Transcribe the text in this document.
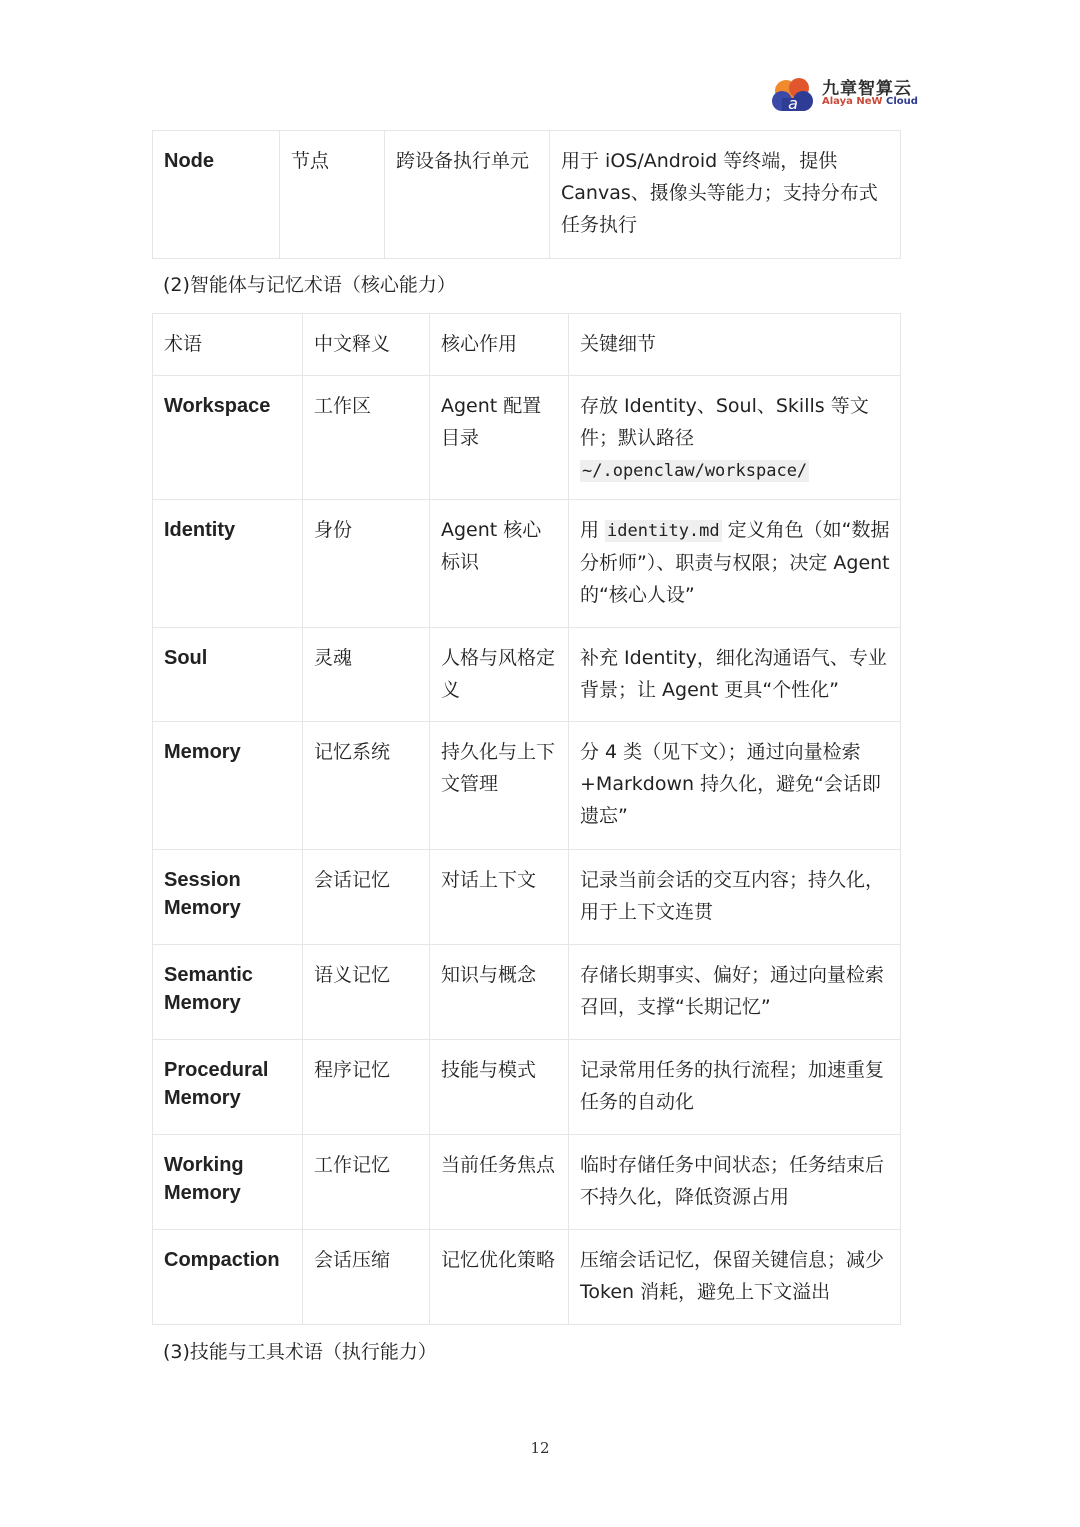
a
九章智算云
Alaya NeW Cloud
Node	节点	跨设备执行单元	用于 iOS/Android 等终端，提供 Canvas、摄像头等能力；支持分布式任务执行
(2)智能体与记忆术语（核心能力）
术语	中文释义	核心作用	关键细节
Workspace	工作区	Agent 配置目录	存放 Identity、Soul、Skills 等文件；默认路径
~/.openclaw/workspace/
Identity	身份	Agent 核心标识	用 identity.md 定义角色（如“数据分析师”）、职责与权限；决定 Agent 的“核心人设”
Soul	灵魂	人格与风格定义	补充 Identity，细化沟通语气、专业背景；让 Agent 更具“个性化”
Memory	记忆系统	持久化与上下文管理	分 4 类（见下文）；通过向量检索+Markdown 持久化，避免“会话即遗忘”
Session Memory	会话记忆	对话上下文	记录当前会话的交互内容；持久化，用于上下文连贯
Semantic Memory	语义记忆	知识与概念	存储长期事实、偏好；通过向量检索召回，支撑“长期记忆”
Procedural Memory	程序记忆	技能与模式	记录常用任务的执行流程；加速重复任务的自动化
Working Memory	工作记忆	当前任务焦点	临时存储任务中间状态；任务结束后不持久化，降低资源占用
Compaction	会话压缩	记忆优化策略	压缩会话记忆，保留关键信息；减少 Token 消耗，避免上下文溢出
(3)技能与工具术语（执行能力）
12
